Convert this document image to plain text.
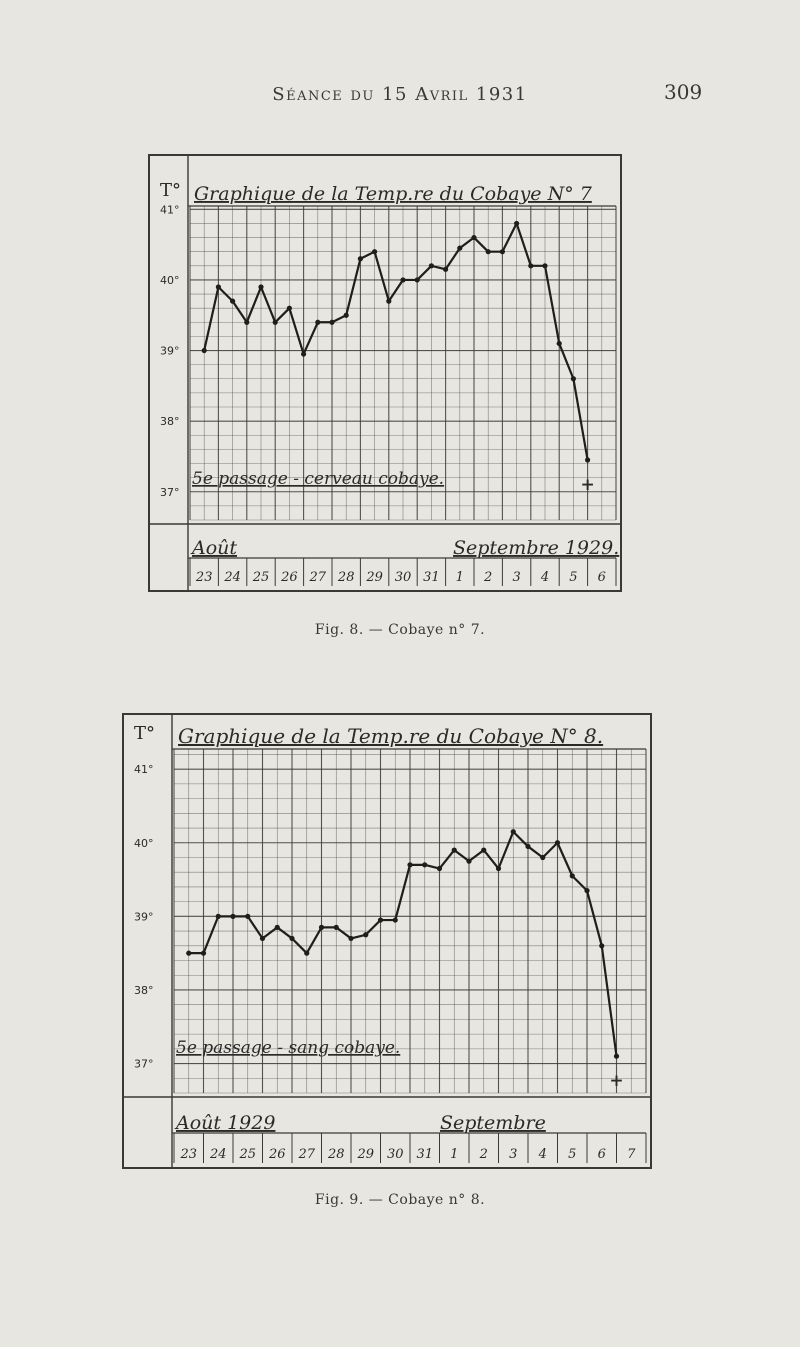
Séance du 15 Avril 1931	309
T° Graphique de la Temp.re du Cobaye N° 7
41°
40°
39°
38°
37°
5e passage - cerveau cobaye.
Août	Septembre 1929.
23 24 25 26 27 28 29 30 31 1 2 3 4 5 6
+
Fig. 8. — Cobaye n° 7.
T° Graphique de la Temp.re du Cobaye N° 8.
41°
40°
39°
38°
37°
5e passage - sang cobaye.
Août 1929	Septembre
23 24 25 26 27 28 29 30 31 1 2 3 4 5 6 7
+
Fig. 9. — Cobaye n° 8.
